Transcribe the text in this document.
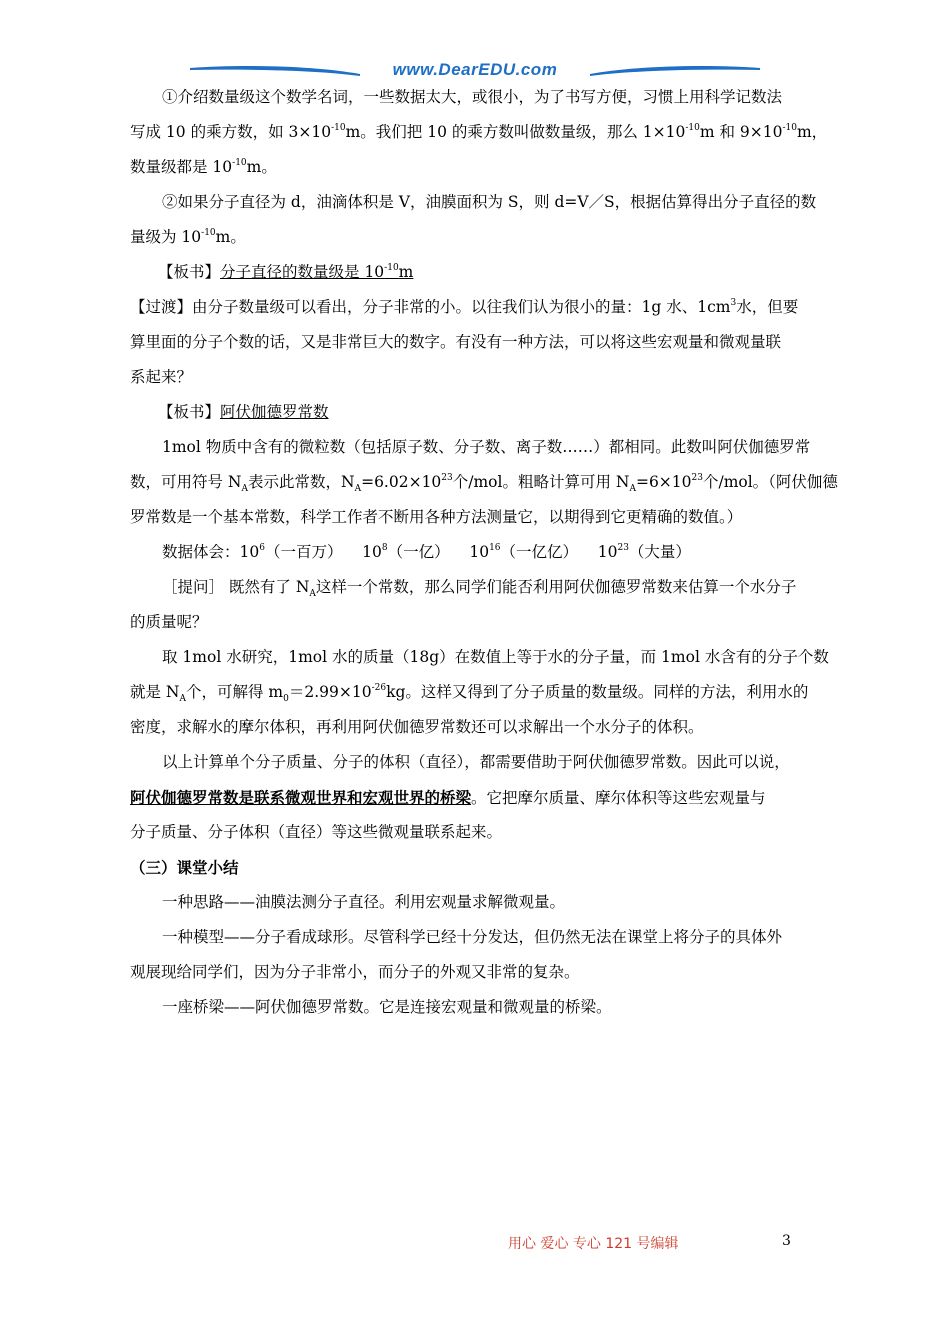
www.DearEDU.com
①介绍数量级这个数学名词，一些数据太大，或很小，为了书写方便，习惯上用科学记数法
写成 10 的乘方数，如 $3\times 10^{-10}m$。我们把 10 的乘方数叫做数量级，那么 $1\times 10^{-10}m$ 和 $9\times 10^{-10}m$，
数量级都是 $10^{-10}m$。
②如果分子直径为 d，油滴体积是 V，油膜面积为 S，则 d=V／S，根据估算得出分子直径的数
量级为 $10^{-10}m$。
【板书】分子直径的数量级是 $10^{-10}m$
【过渡】由分子数量级可以看出，分子非常的小。以往我们认为很小的量：1g 水、$1cm^3$水，但要
算里面的分子个数的话，又是非常巨大的数字。有没有一种方法，可以将这些宏观量和微观量联
系起来？
【板书】阿伏伽德罗常数
1mol 物质中含有的微粒数（包括原子数、分子数、离子数……）都相同。此数叫阿伏伽德罗常
数，可用符号 $N_A$表示此常数，$N_A=6.02\times 10^{23}$个/mol。粗略计算可用 $N_A=6\times 10^{23}$个/mol。（阿伏伽德
罗常数是一个基本常数，科学工作者不断用各种方法测量它，以期得到它更精确的数值。）
数据体会：$10^6$（一百万）    $10^8$（一亿）    $10^{16}$（一亿亿）    $10^{23}$（大量）
［提问］ 既然有了 $N_A$这样一个常数，那么同学们能否利用阿伏伽德罗常数来估算一个水分子
的质量呢？
取 1mol 水研究，1mol 水的质量（18g）在数值上等于水的分子量，而 1mol 水含有的分子个数
就是 $N_A$个，可解得 $m_0=2.99\times 10^{-26}kg$。这样又得到了分子质量的数量级。同样的方法，利用水的
密度，求解水的摩尔体积，再利用阿伏伽德罗常数还可以求解出一个水分子的体积。
以上计算单个分子质量、分子的体积（直径），都需要借助于阿伏伽德罗常数。因此可以说，
阿伏伽德罗常数是联系微观世界和宏观世界的桥梁。它把摩尔质量、摩尔体积等这些宏观量与
分子质量、分子体积（直径）等这些微观量联系起来。
（三）课堂小结
一种思路——油膜法测分子直径。利用宏观量求解微观量。
一种模型——分子看成球形。尽管科学已经十分发达，但仍然无法在课堂上将分子的具体外
观展现给同学们，因为分子非常小，而分子的外观又非常的复杂。
一座桥梁——阿伏伽德罗常数。它是连接宏观量和微观量的桥梁。
用心 爱心 专心 121 号编辑	3
